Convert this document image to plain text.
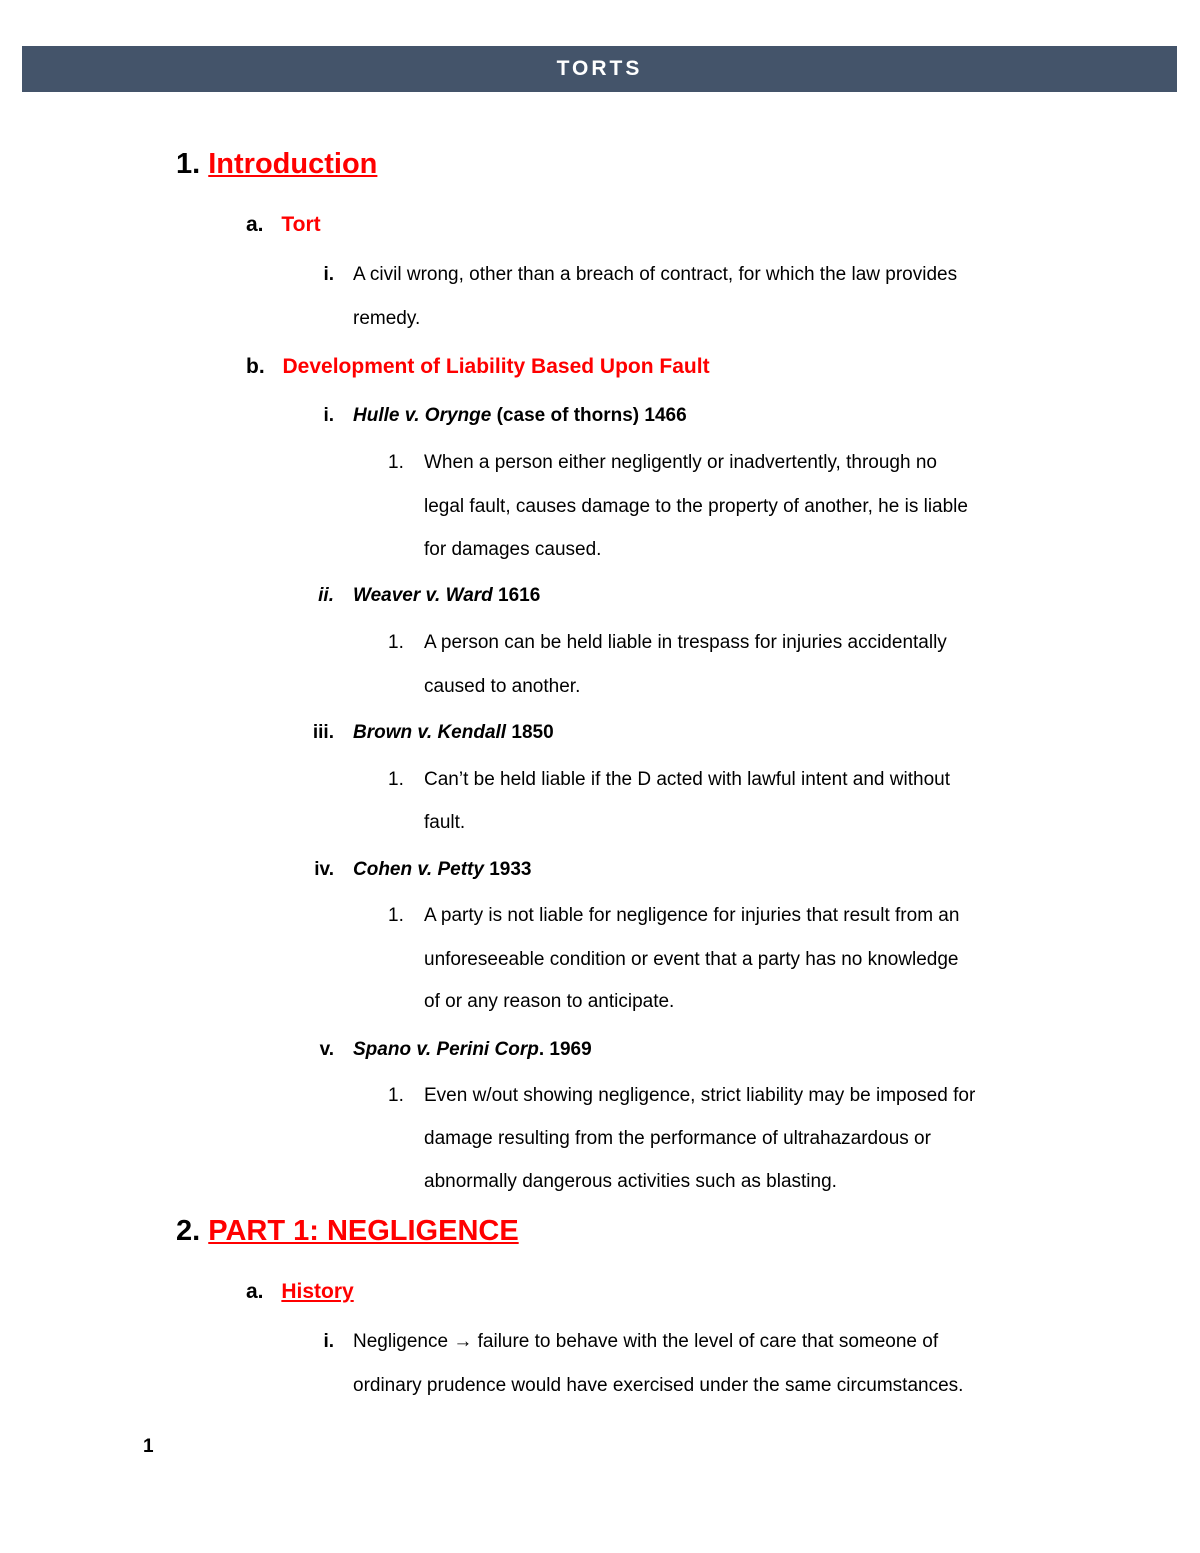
TORTS
1. Introduction
a. Tort
i. A civil wrong, other than a breach of contract, for which the law provides
remedy.
b. Development of Liability Based Upon Fault
i. Hulle v. Orynge (case of thorns) 1466
1. When a person either negligently or inadvertently, through no
legal fault, causes damage to the property of another, he is liable
for damages caused.
ii. Weaver v. Ward 1616
1. A person can be held liable in trespass for injuries accidentally
caused to another.
iii. Brown v. Kendall 1850
1. Can’t be held liable if the D acted with lawful intent and without
fault.
iv. Cohen v. Petty 1933
1. A party is not liable for negligence for injuries that result from an
unforeseeable condition or event that a party has no knowledge
of or any reason to anticipate.
v. Spano v. Perini Corp. 1969
1. Even w/out showing negligence, strict liability may be imposed for
damage resulting from the performance of ultrahazardous or
abnormally dangerous activities such as blasting.
2. PART 1: NEGLIGENCE
a. History
i. Negligence → failure to behave with the level of care that someone of
ordinary prudence would have exercised under the same circumstances.
1
